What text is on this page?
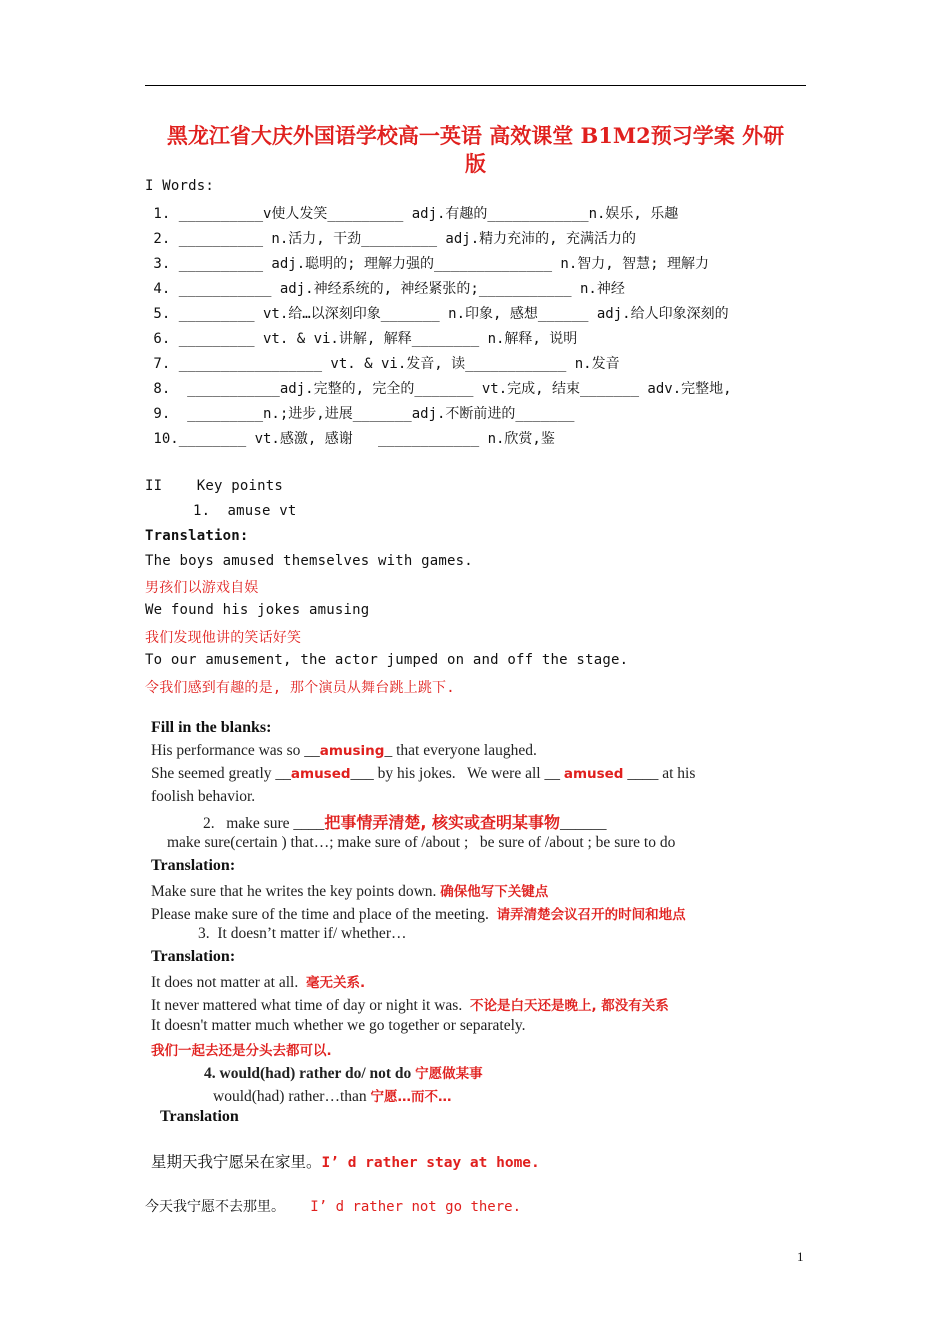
黑龙江省大庆外国语学校高一英语 高效课堂 B1M2预习学案 外研
版
I Words:
1. __________v使人发笑_________ adj.有趣的____________n.娱乐, 乐趣
2. __________ n.活力, 干劲_________ adj.精力充沛的, 充满活力的
3. __________ adj.聪明的; 理解力强的______________ n.智力, 智慧; 理解力
4. ___________ adj.神经系统的, 神经紧张的;___________ n.神经
5. _________ vt.给…以深刻印象_______ n.印象, 感想______ adj.给人印象深刻的
6. _________ vt. & vi.讲解, 解释________ n.解释, 说明
7. _________________ vt. & vi.发音, 读____________ n.发音
8.  ___________adj.完整的, 完全的_______ vt.完成, 结束_______ adv.完整地,
9.  _________n.;进步,进展_______adj.不断前进的_______
10.________ vt.感激, 感谢   ____________ n.欣赏,鉴
II    Key points
1.  amuse vt
Translation:
The boys amused themselves with games.
男孩们以游戏自娱
We found his jokes amusing
我们发现他讲的笑话好笑
To our amusement, the actor jumped on and off the stage.
令我们感到有趣的是, 那个演员从舞台跳上跳下.
Fill in the blanks:
His performance was so __amusing_ that everyone laughed.
She seemed greatly __amused___ by his jokes.   We were all __ amused ____ at his
foolish behavior.
2.   make sure ____把事情弄清楚, 核实或查明某事物______
make sure(certain ) that…; make sure of /about ;   be sure of /about ; be sure to do
Translation:
Make sure that he writes the key points down. 确保他写下关键点
Please make sure of the time and place of the meeting. 请弄清楚会议召开的时间和地点
3.  It doesn’t matter if/ whether…
Translation:
It does not matter at all. 毫无关系.
It never mattered what time of day or night it was. 不论是白天还是晚上, 都没有关系
It doesn't matter much whether we go together or separately.
我们一起去还是分头去都可以.
4. would(had) rather do/ not do 宁愿做某事
would(had) rather…than 宁愿…而不…
Translation
星期天我宁愿呆在家里。I’ d rather stay at home.
今天我宁愿不去那里。 I’ d rather not go there.
1
